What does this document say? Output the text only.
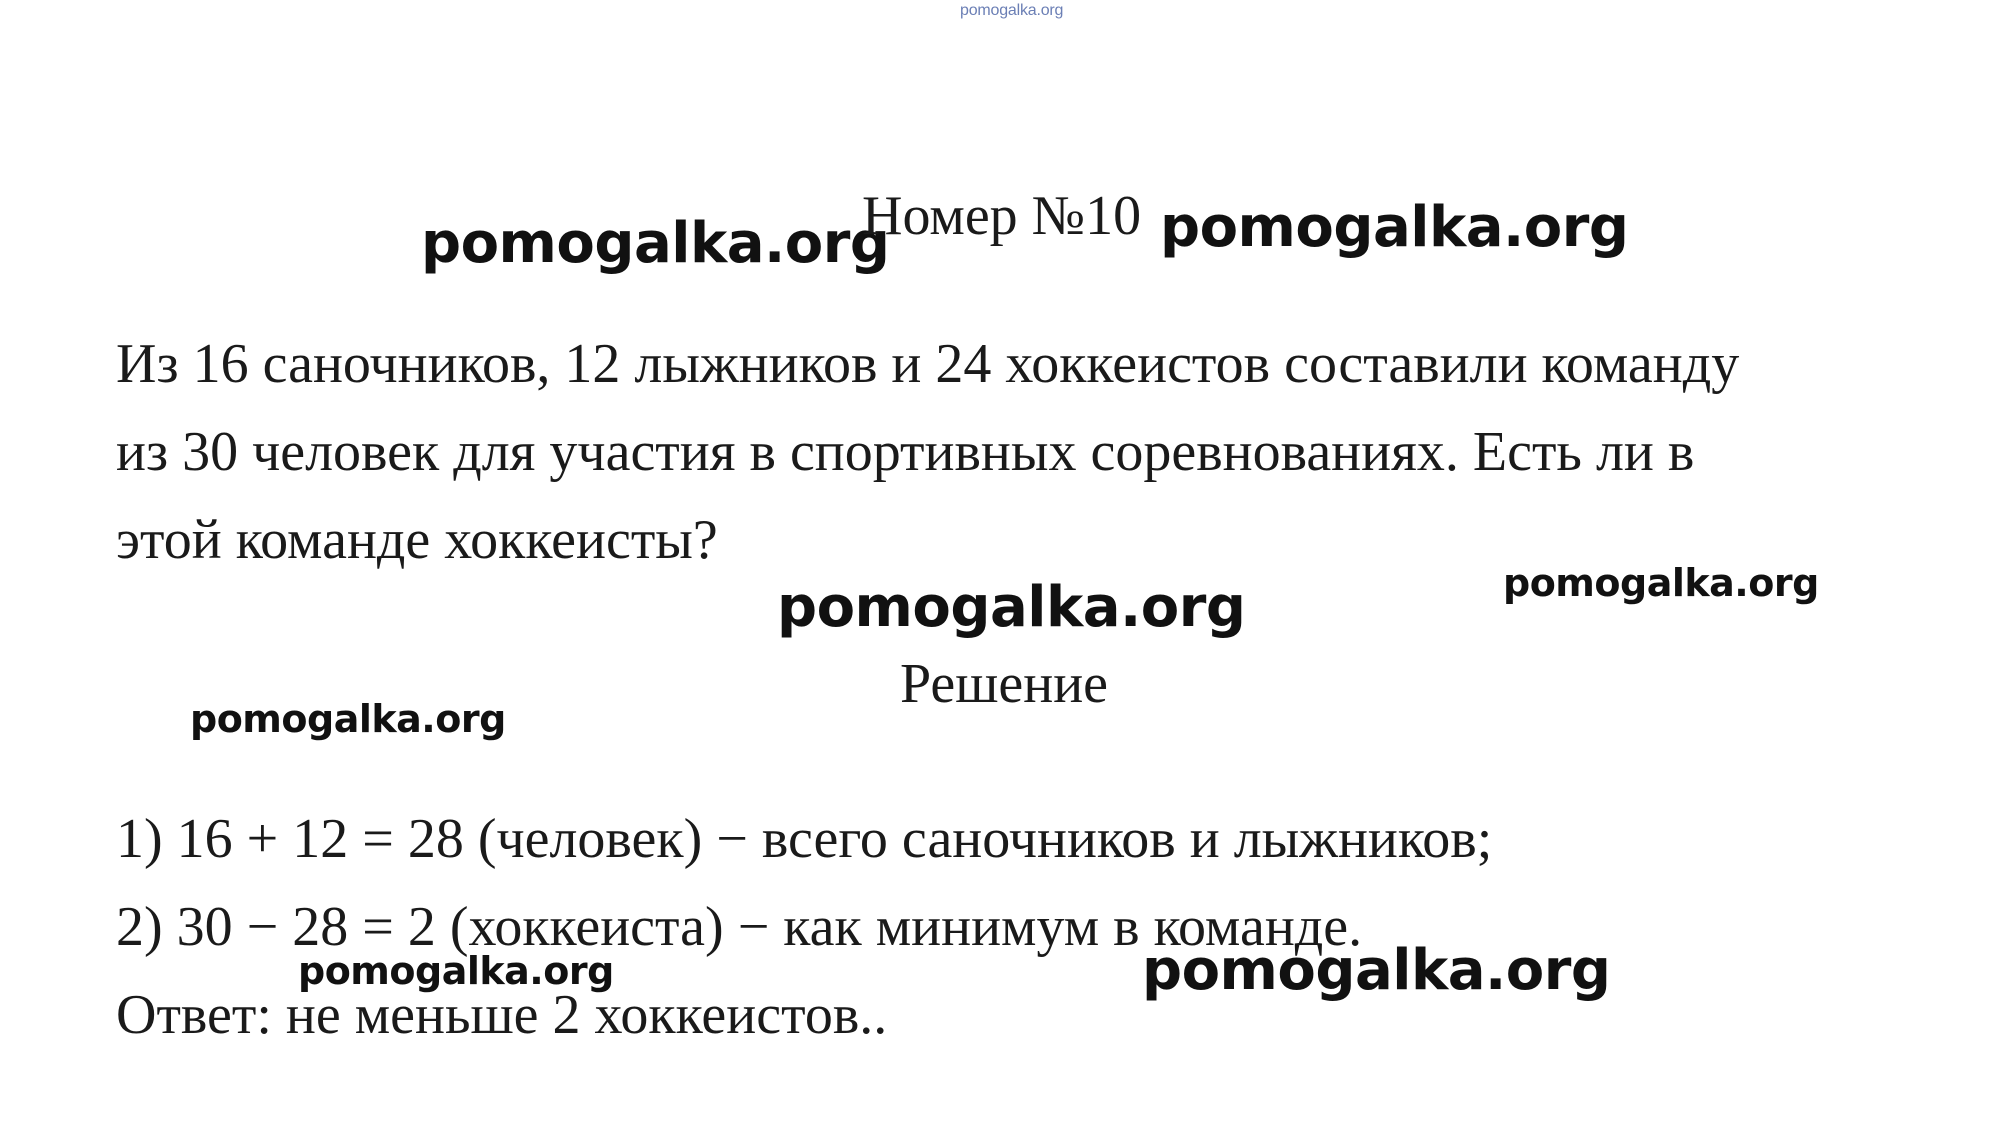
pomogalka.org
pomogalka.org
Номер №10 pomogalka.org
Из 16 саночников, 12 лыжников и 24 хоккеистов составили команду
из 30 человек для участия в спортивных соревнованиях. Есть ли в
этой команде хоккеисты?
pomogalka.org	pomogalka.org
Решение
pomogalka.org
1) 16 + 12 = 28 (человек) − всего саночников и лыжников;
2) 30 − 28 = 2 (хоккеиста) − как минимум в команде.
Ответ: не меньше 2 хоккеистов..
pomogalka.org	pomogalka.org
